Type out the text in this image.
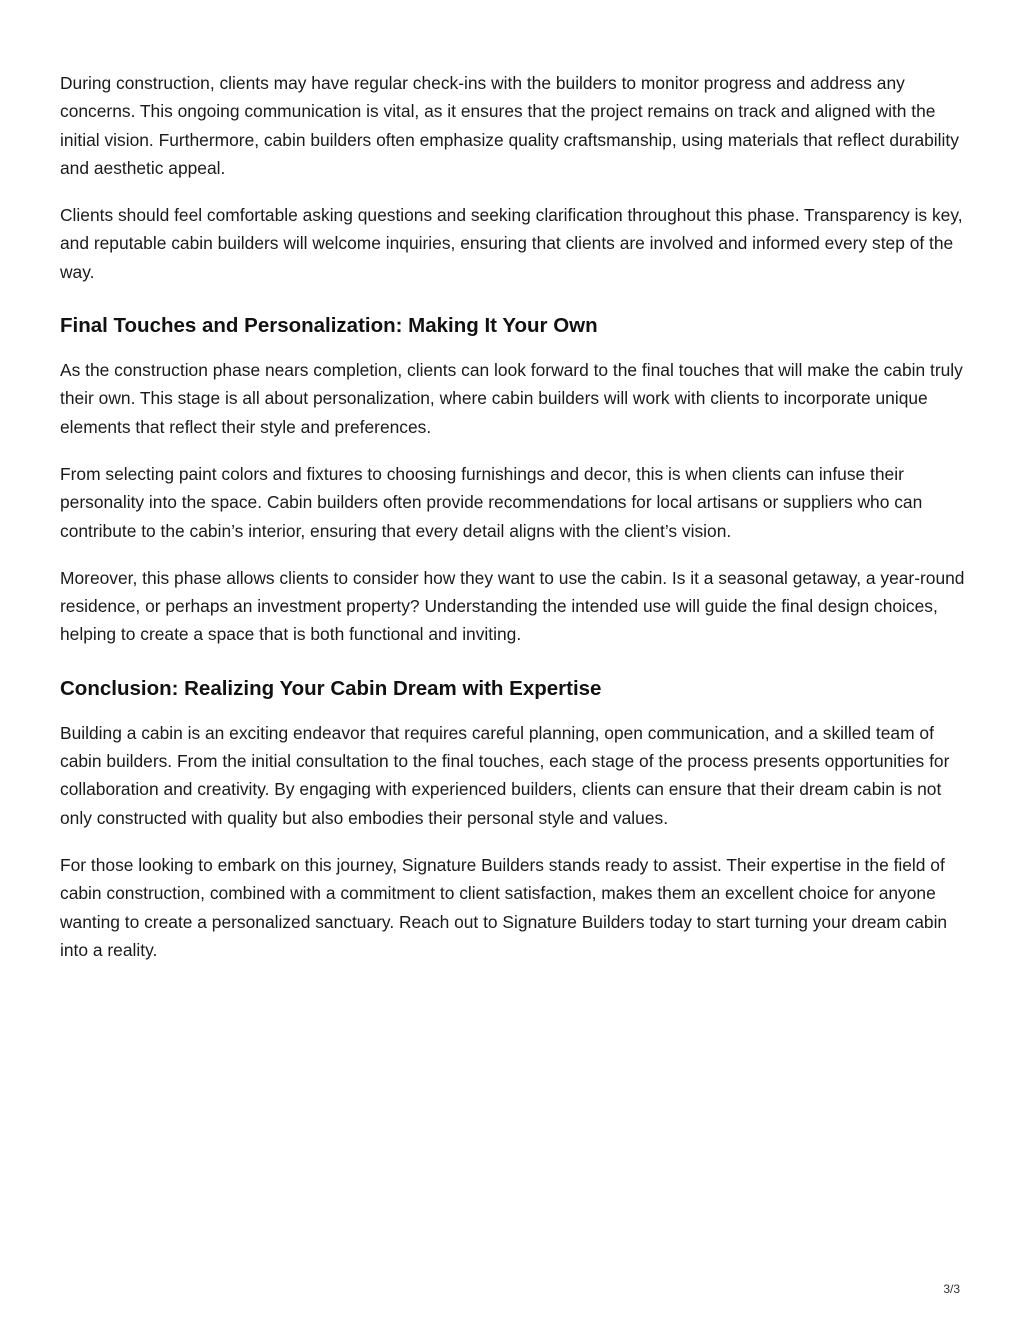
During construction, clients may have regular check-ins with the builders to monitor progress and address any concerns. This ongoing communication is vital, as it ensures that the project remains on track and aligned with the initial vision. Furthermore, cabin builders often emphasize quality craftsmanship, using materials that reflect durability and aesthetic appeal.

Clients should feel comfortable asking questions and seeking clarification throughout this phase. Transparency is key, and reputable cabin builders will welcome inquiries, ensuring that clients are involved and informed every step of the way.

Final Touches and Personalization: Making It Your Own

As the construction phase nears completion, clients can look forward to the final touches that will make the cabin truly their own. This stage is all about personalization, where cabin builders will work with clients to incorporate unique elements that reflect their style and preferences.

From selecting paint colors and fixtures to choosing furnishings and decor, this is when clients can infuse their personality into the space. Cabin builders often provide recommendations for local artisans or suppliers who can contribute to the cabin’s interior, ensuring that every detail aligns with the client’s vision.

Moreover, this phase allows clients to consider how they want to use the cabin. Is it a seasonal getaway, a year-round residence, or perhaps an investment property? Understanding the intended use will guide the final design choices, helping to create a space that is both functional and inviting.

Conclusion: Realizing Your Cabin Dream with Expertise

Building a cabin is an exciting endeavor that requires careful planning, open communication, and a skilled team of cabin builders. From the initial consultation to the final touches, each stage of the process presents opportunities for collaboration and creativity. By engaging with experienced builders, clients can ensure that their dream cabin is not only constructed with quality but also embodies their personal style and values.

For those looking to embark on this journey, Signature Builders stands ready to assist. Their expertise in the field of cabin construction, combined with a commitment to client satisfaction, makes them an excellent choice for anyone wanting to create a personalized sanctuary. Reach out to Signature Builders today to start turning your dream cabin into a reality.

3/3
